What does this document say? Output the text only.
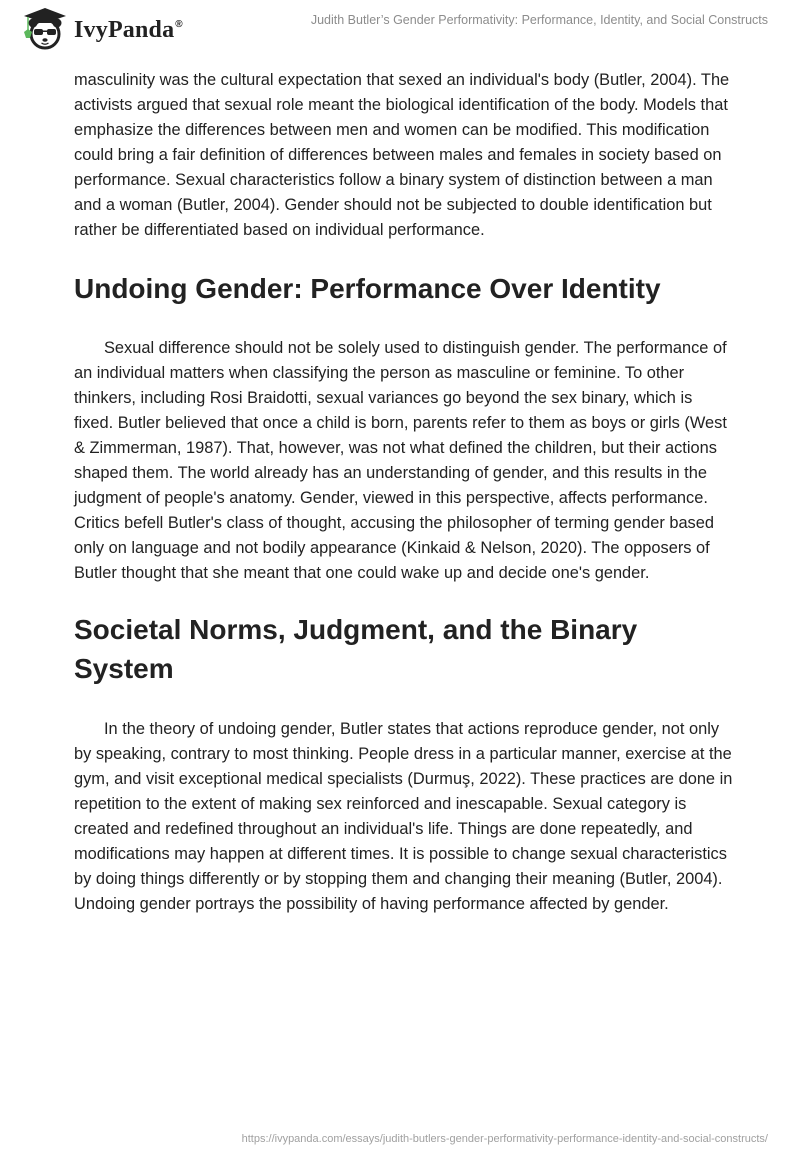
IvyPanda®	Judith Butler’s Gender Performativity: Performance, Identity, and Social Constructs

masculinity was the cultural expectation that sexed an individual's body (Butler, 2004). The activists argued that sexual role meant the biological identification of the body. Models that emphasize the differences between men and women can be modified. This modification could bring a fair definition of differences between males and females in society based on performance. Sexual characteristics follow a binary system of distinction between a man and a woman (Butler, 2004). Gender should not be subjected to double identification but rather be differentiated based on individual performance.

Undoing Gender: Performance Over Identity

Sexual difference should not be solely used to distinguish gender. The performance of an individual matters when classifying the person as masculine or feminine. To other thinkers, including Rosi Braidotti, sexual variances go beyond the sex binary, which is fixed. Butler believed that once a child is born, parents refer to them as boys or girls (West & Zimmerman, 1987). That, however, was not what defined the children, but their actions shaped them. The world already has an understanding of gender, and this results in the judgment of people's anatomy. Gender, viewed in this perspective, affects performance. Critics befell Butler's class of thought, accusing the philosopher of terming gender based only on language and not bodily appearance (Kinkaid & Nelson, 2020). The opposers of Butler thought that she meant that one could wake up and decide one's gender.

Societal Norms, Judgment, and the Binary System

In the theory of undoing gender, Butler states that actions reproduce gender, not only by speaking, contrary to most thinking. People dress in a particular manner, exercise at the gym, and visit exceptional medical specialists (Durmuş, 2022). These practices are done in repetition to the extent of making sex reinforced and inescapable. Sexual category is created and redefined throughout an individual's life. Things are done repeatedly, and modifications may happen at different times. It is possible to change sexual characteristics by doing things differently or by stopping them and changing their meaning (Butler, 2004). Undoing gender portrays the possibility of having performance affected by gender.

https://ivypanda.com/essays/judith-butlers-gender-performativity-performance-identity-and-social-constructs/
